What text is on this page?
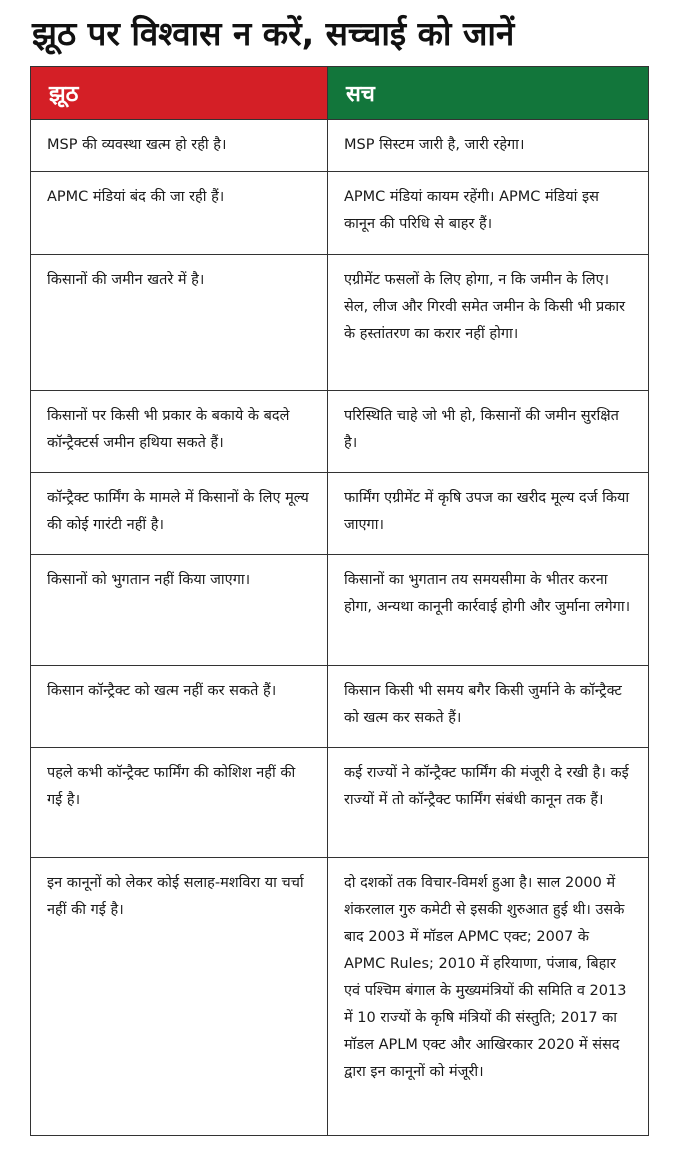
झूठ पर विश्वास न करें, सच्चाई को जानें
झूठ	सच
MSP की व्यवस्था खत्म हो रही है।	MSP सिस्टम जारी है, जारी रहेगा।
APMC मंडियां बंद की जा रही हैं।	APMC मंडियां कायम रहेंगी। APMC मंडियां इस कानून की परिधि से बाहर हैं।
किसानों की जमीन खतरे में है।	एग्रीमेंट फसलों के लिए होगा, न कि जमीन के लिए। सेल, लीज और गिरवी समेत जमीन के किसी भी प्रकार के हस्तांतरण का करार नहीं होगा।
किसानों पर किसी भी प्रकार के बकाये के बदले कॉन्ट्रैक्टर्स जमीन हथिया सकते हैं।	परिस्थिति चाहे जो भी हो, किसानों की जमीन सुरक्षित है।
कॉन्ट्रैक्ट फार्मिंग के मामले में किसानों के लिए मूल्य की कोई गारंटी नहीं है।	फार्मिंग एग्रीमेंट में कृषि उपज का खरीद मूल्य दर्ज किया जाएगा।
किसानों को भुगतान नहीं किया जाएगा।	किसानों का भुगतान तय समयसीमा के भीतर करना होगा, अन्यथा कानूनी कार्रवाई होगी और जुर्माना लगेगा।
किसान कॉन्ट्रैक्ट को खत्म नहीं कर सकते हैं।	किसान किसी भी समय बगैर किसी जुर्माने के कॉन्ट्रैक्ट को खत्म कर सकते हैं।
पहले कभी कॉन्ट्रैक्ट फार्मिंग की कोशिश नहीं की गई है।	कई राज्यों ने कॉन्ट्रैक्ट फार्मिंग की मंजूरी दे रखी है। कई राज्यों में तो कॉन्ट्रैक्ट फार्मिंग संबंधी कानून तक हैं।
इन कानूनों को लेकर कोई सलाह-मशविरा या चर्चा नहीं की गई है।	दो दशकों तक विचार-विमर्श हुआ है। साल 2000 में शंकरलाल गुरु कमेटी से इसकी शुरुआत हुई थी। उसके बाद 2003 में मॉडल APMC एक्ट; 2007 के APMC Rules; 2010 में हरियाणा, पंजाब, बिहार एवं पश्चिम बंगाल के मुख्यमंत्रियों की समिति व 2013 में 10 राज्यों के कृषि मंत्रियों की संस्तुति; 2017 का मॉडल APLM एक्ट और आखिरकार 2020 में संसद द्वारा इन कानूनों को मंजूरी।
